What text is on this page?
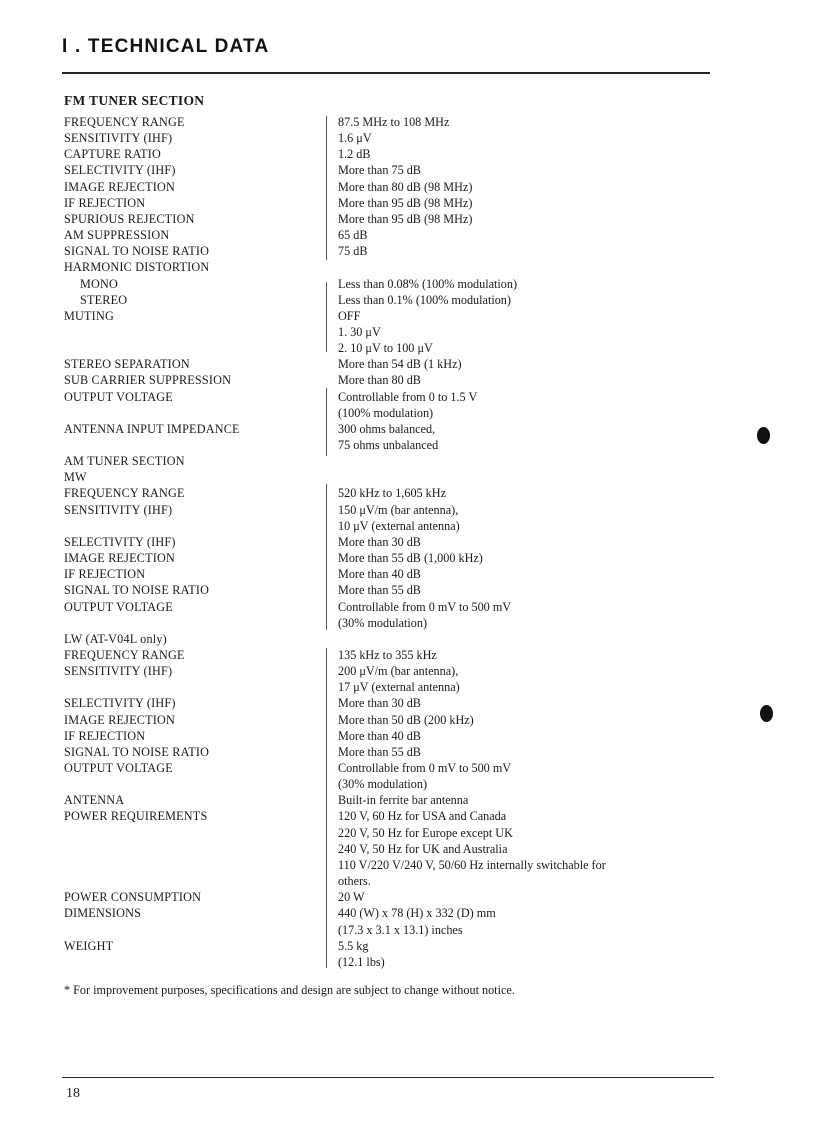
I . TECHNICAL DATA
FM TUNER SECTION
FREQUENCY RANGE	87.5 MHz to 108 MHz
SENSITIVITY (IHF)	1.6 μV
CAPTURE RATIO	1.2 dB
SELECTIVITY (IHF)	More than 75 dB
IMAGE REJECTION	More than 80 dB (98 MHz)
IF REJECTION	More than 95 dB (98 MHz)
SPURIOUS REJECTION	More than 95 dB (98 MHz)
AM SUPPRESSION	65 dB
SIGNAL TO NOISE RATIO	75 dB
HARMONIC DISTORTION
MONO	Less than 0.08% (100% modulation)
STEREO	Less than 0.1% (100% modulation)
MUTING	OFF
1. 30 μV
2. 10 μV to 100 μV
STEREO SEPARATION	More than 54 dB (1 kHz)
SUB CARRIER SUPPRESSION	More than 80 dB
OUTPUT VOLTAGE	Controllable from 0 to 1.5 V
(100% modulation)
ANTENNA INPUT IMPEDANCE	300 ohms balanced,
75 ohms unbalanced
AM TUNER SECTION
MW
FREQUENCY RANGE	520 kHz to 1,605 kHz
SENSITIVITY (IHF)	150 μV/m (bar antenna),
10 μV (external antenna)
SELECTIVITY (IHF)	More than 30 dB
IMAGE REJECTION	More than 55 dB (1,000 kHz)
IF REJECTION	More than 40 dB
SIGNAL TO NOISE RATIO	More than 55 dB
OUTPUT VOLTAGE	Controllable from 0 mV to 500 mV
(30% modulation)
LW (AT-V04L only)
FREQUENCY RANGE	135 kHz to 355 kHz
SENSITIVITY (IHF)	200 μV/m (bar antenna),
17 μV (external antenna)
SELECTIVITY (IHF)	More than 30 dB
IMAGE REJECTION	More than 50 dB (200 kHz)
IF REJECTION	More than 40 dB
SIGNAL TO NOISE RATIO	More than 55 dB
OUTPUT VOLTAGE	Controllable from 0 mV to 500 mV
(30% modulation)
ANTENNA	Built-in ferrite bar antenna
POWER REQUIREMENTS	120 V, 60 Hz for USA and Canada
220 V, 50 Hz for Europe except UK
240 V, 50 Hz for UK and Australia
110 V/220 V/240 V, 50/60 Hz internally switchable for
others.
POWER CONSUMPTION	20 W
DIMENSIONS	440 (W) x 78 (H) x 332 (D) mm
(17.3 x 3.1 x 13.1) inches
WEIGHT	5.5 kg
(12.1 lbs)
* For improvement purposes, specifications and design are subject to change without notice.
18
